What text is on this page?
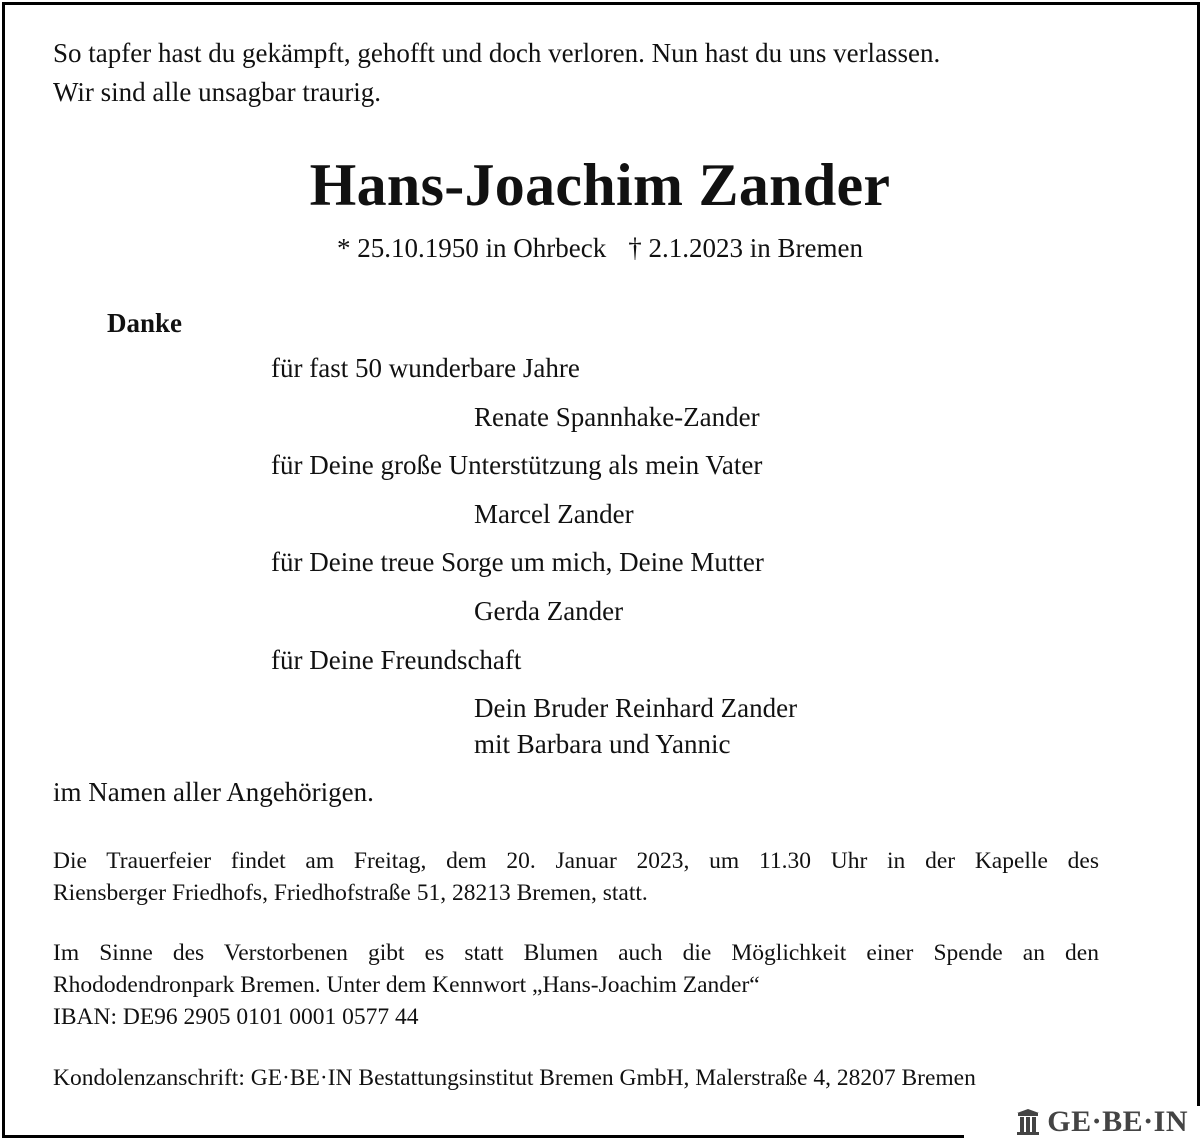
So tapfer hast du gekämpft, gehofft und doch verloren. Nun hast du uns verlassen.
Wir sind alle unsagbar traurig.
Hans-Joachim Zander
* 25.10.1950 in Ohrbeck † 2.1.2023 in Bremen
Danke
für fast 50 wunderbare Jahre
Renate Spannhake-Zander
für Deine große Unterstützung als mein Vater
Marcel Zander
für Deine treue Sorge um mich, Deine Mutter
Gerda Zander
für Deine Freundschaft
Dein Bruder Reinhard Zander
mit Barbara und Yannic
im Namen aller Angehörigen.
Die Trauerfeier findet am Freitag, dem 20. Januar 2023, um 11.30 Uhr in der Kapelle des
Riensberger Friedhofs, Friedhofstraße 51, 28213 Bremen, statt.
Im Sinne des Verstorbenen gibt es statt Blumen auch die Möglichkeit einer Spende an den
Rhododendronpark Bremen. Unter dem Kennwort „Hans-Joachim Zander“
IBAN: DE96 2905 0101 0001 0577 44
Kondolenzanschrift: GE·BE·IN Bestattungsinstitut Bremen GmbH, Malerstraße 4, 28207 Bremen
GE·BE·IN
